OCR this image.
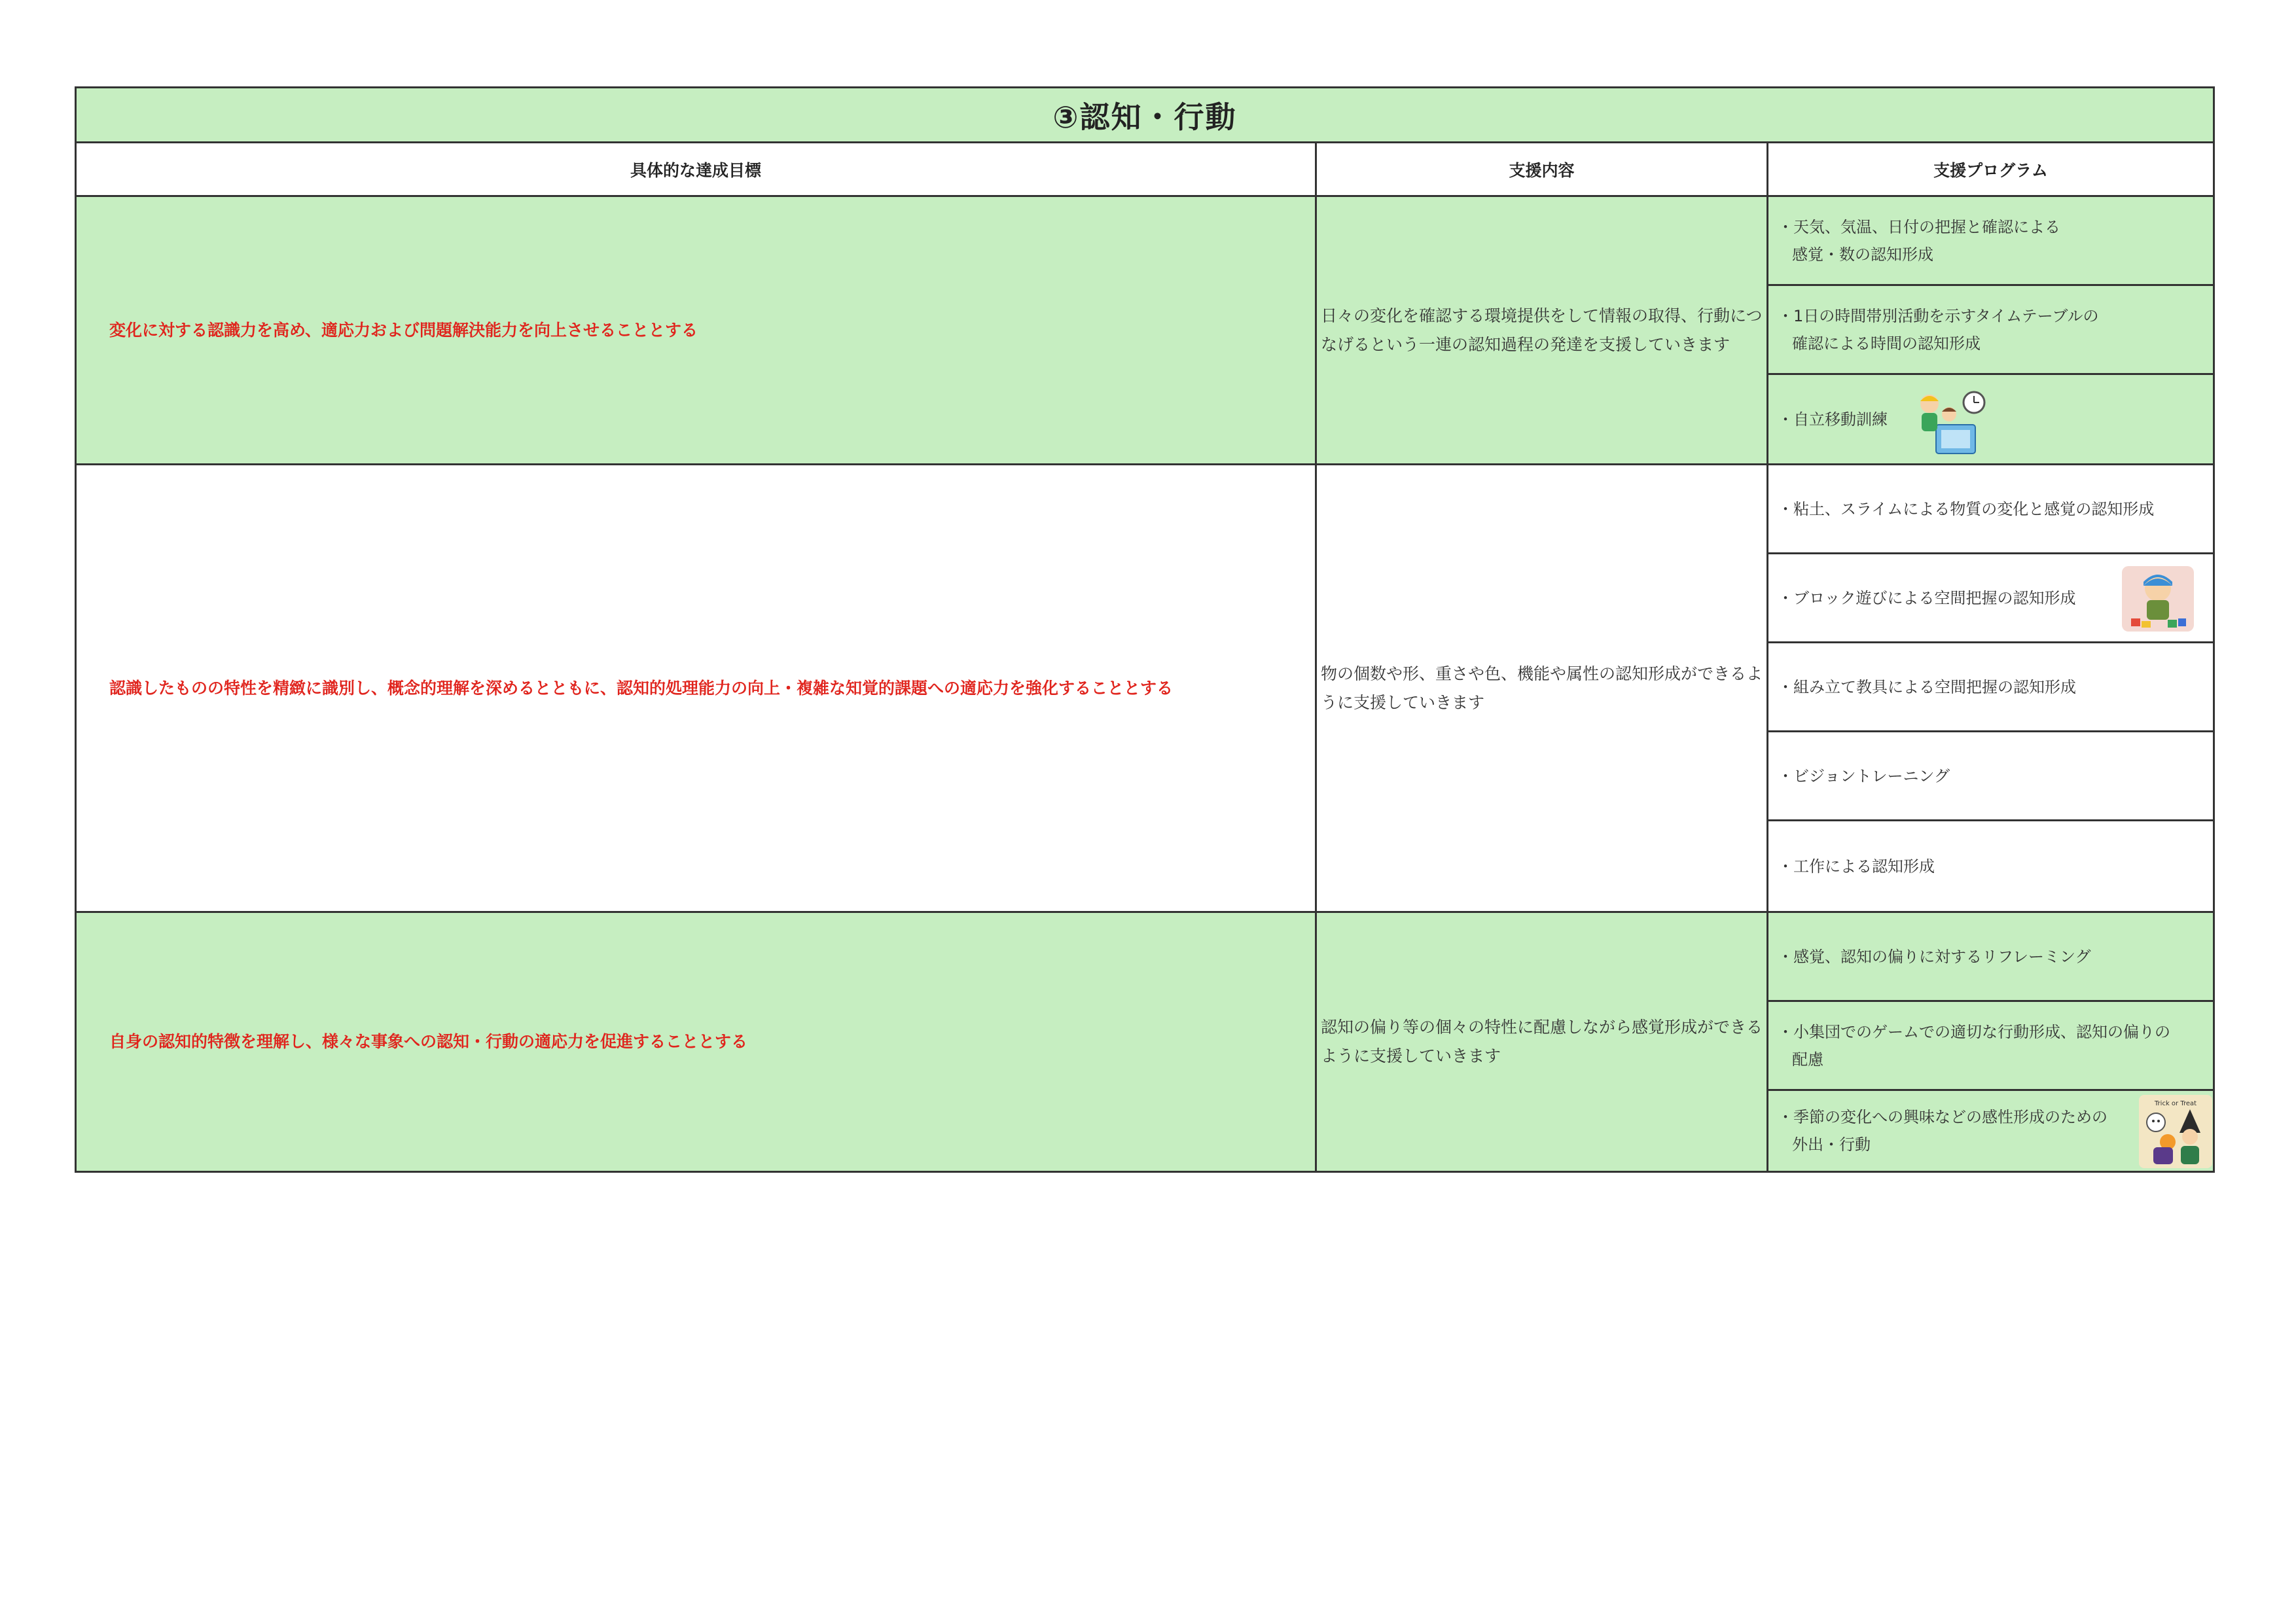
③認知・行動
具体的な達成目標	支援内容	支援プログラム
変化に対する認識力を高め、適応力および問題解決能力を向上させることとする
日々の変化を確認する環境提供をして情報の取得、行動につなげるという一連の認知過程の発達を支援していきます
・天気、気温、日付の把握と確認による
感覚・数の認知形成
・1日の時間帯別活動を示すタイムテーブルの
確認による時間の認知形成
・自立移動訓練
認識したものの特性を精緻に識別し、概念的理解を深めるとともに、認知的処理能力の向上・複雑な知覚的課題への適応力を強化することとする
物の個数や形、重さや色、機能や属性の認知形成ができるように支援していきます
・粘土、スライムによる物質の変化と感覚の認知形成
・ブロック遊びによる空間把握の認知形成
・組み立て教具による空間把握の認知形成
・ビジョントレーニング
・工作による認知形成
自身の認知的特徴を理解し、様々な事象への認知・行動の適応力を促進することとする
認知の偏り等の個々の特性に配慮しながら感覚形成ができるように支援していきます
・感覚、認知の偏りに対するリフレーミング
・小集団でのゲームでの適切な行動形成、認知の偏りの
配慮
・季節の変化への興味などの感性形成のための
外出・行動
Trick or Treat
